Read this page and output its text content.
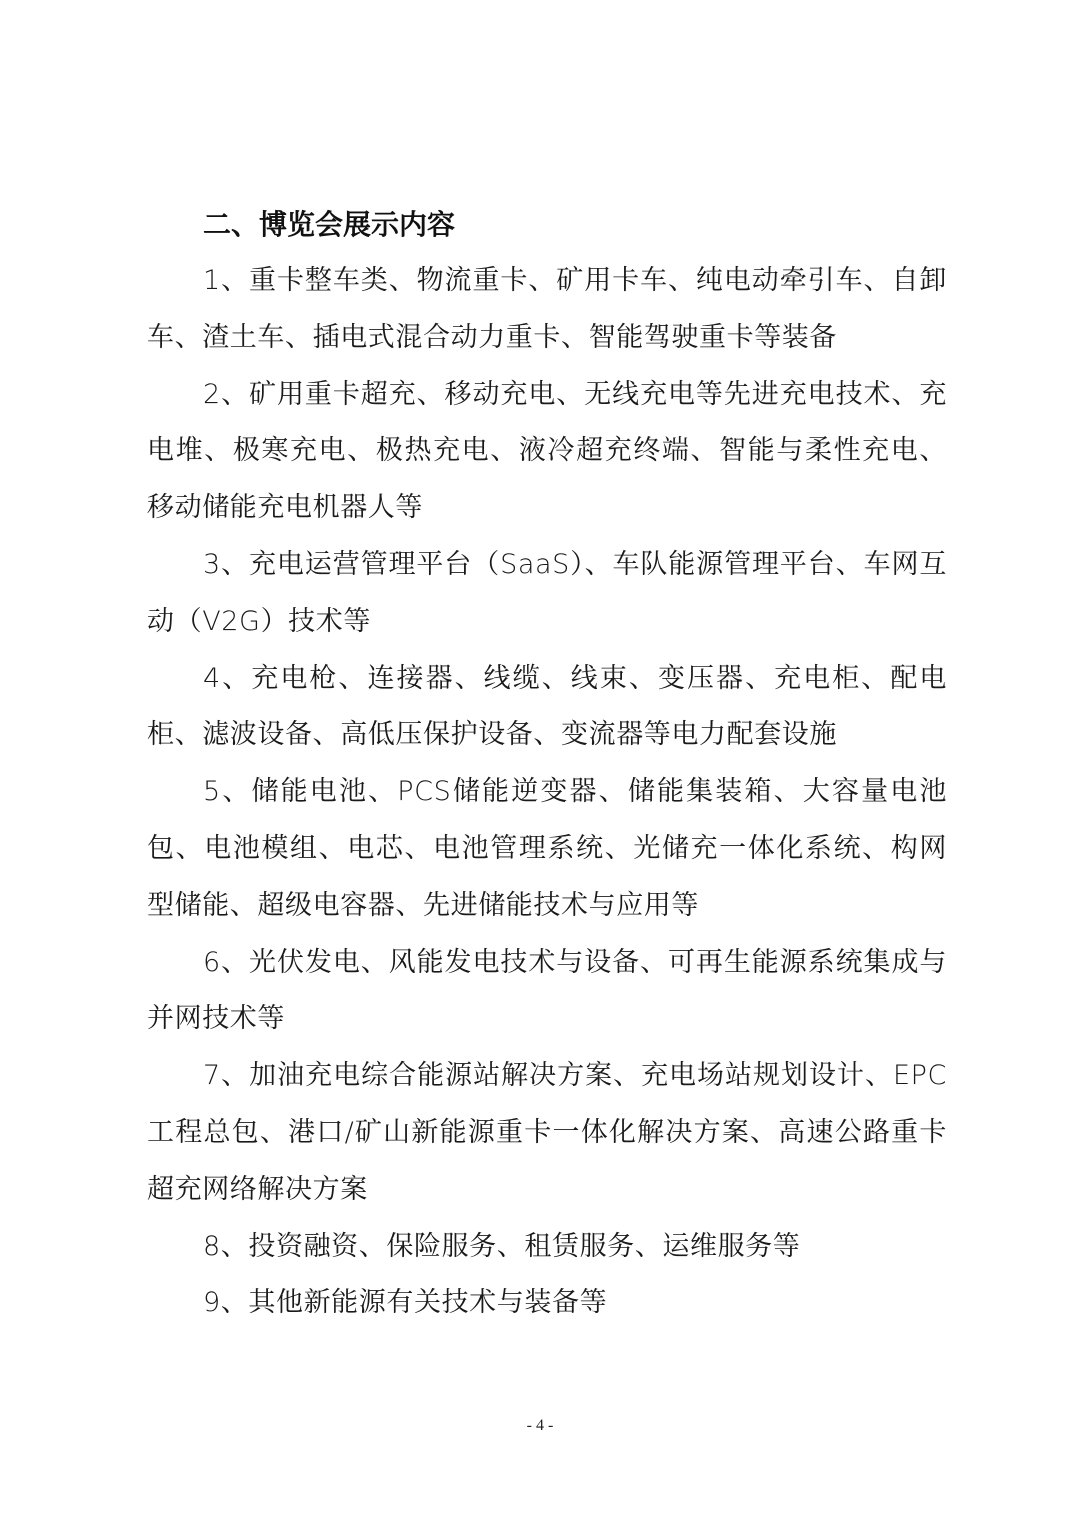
二、博览会展示内容

1、重卡整车类、物流重卡、矿用卡车、纯电动牵引车、自卸车、渣土车、插电式混合动力重卡、智能驾驶重卡等装备

2、矿用重卡超充、移动充电、无线充电等先进充电技术、充电堆、极寒充电、极热充电、液冷超充终端、智能与柔性充电、移动储能充电机器人等

3、充电运营管理平台（SaaS）、车队能源管理平台、车网互动（V2G）技术等

4、充电枪、连接器、线缆、线束、变压器、充电柜、配电柜、滤波设备、高低压保护设备、变流器等电力配套设施

5、储能电池、PCS储能逆变器、储能集装箱、大容量电池包、电池模组、电芯、电池管理系统、光储充一体化系统、构网型储能、超级电容器、先进储能技术与应用等

6、光伏发电、风能发电技术与设备、可再生能源系统集成与并网技术等

7、加油充电综合能源站解决方案、充电场站规划设计、EPC工程总包、港口/矿山新能源重卡一体化解决方案、高速公路重卡超充网络解决方案

8、投资融资、保险服务、租赁服务、运维服务等

9、其他新能源有关技术与装备等

- 4 -
